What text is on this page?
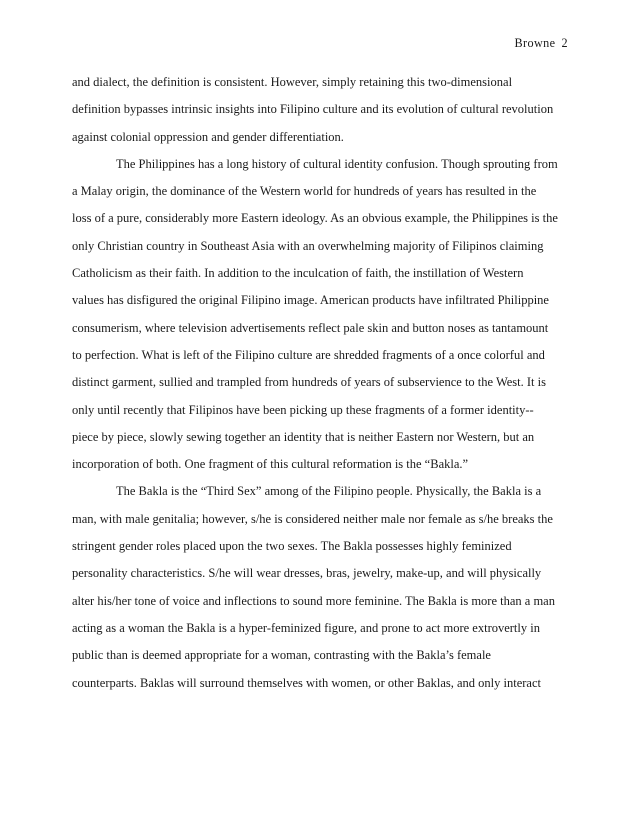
Browne 2
and dialect, the definition is consistent. However, simply retaining this two-dimensional
definition bypasses intrinsic insights into Filipino culture and its evolution of cultural revolution
against colonial oppression and gender differentiation.
The Philippines has a long history of cultural identity confusion. Though sprouting from
a Malay origin, the dominance of the Western world for hundreds of years has resulted in the
loss of a pure, considerably more Eastern ideology. As an obvious example, the Philippines is the
only Christian country in Southeast Asia with an overwhelming majority of Filipinos claiming
Catholicism as their faith. In addition to the inculcation of faith, the instillation of Western
values has disfigured the original Filipino image. American products have infiltrated Philippine
consumerism, where television advertisements reflect pale skin and button noses as tantamount
to perfection. What is left of the Filipino culture are shredded fragments of a once colorful and
distinct garment, sullied and trampled from hundreds of years of subservience to the West. It is
only until recently that Filipinos have been picking up these fragments of a former identity--
piece by piece, slowly sewing together an identity that is neither Eastern nor Western, but an
incorporation of both. One fragment of this cultural reformation is the “Bakla.”
The Bakla is the “Third Sex” among of the Filipino people. Physically, the Bakla is a
man, with male genitalia; however, s/he is considered neither male nor female as s/he breaks the
stringent gender roles placed upon the two sexes. The Bakla possesses highly feminized
personality characteristics. S/he will wear dresses, bras, jewelry, make-up, and will physically
alter his/her tone of voice and inflections to sound more feminine. The Bakla is more than a man
acting as a woman the Bakla is a hyper-feminized figure, and prone to act more extrovertly in
public than is deemed appropriate for a woman, contrasting with the Bakla’s female
counterparts. Baklas will surround themselves with women, or other Baklas, and only interact
